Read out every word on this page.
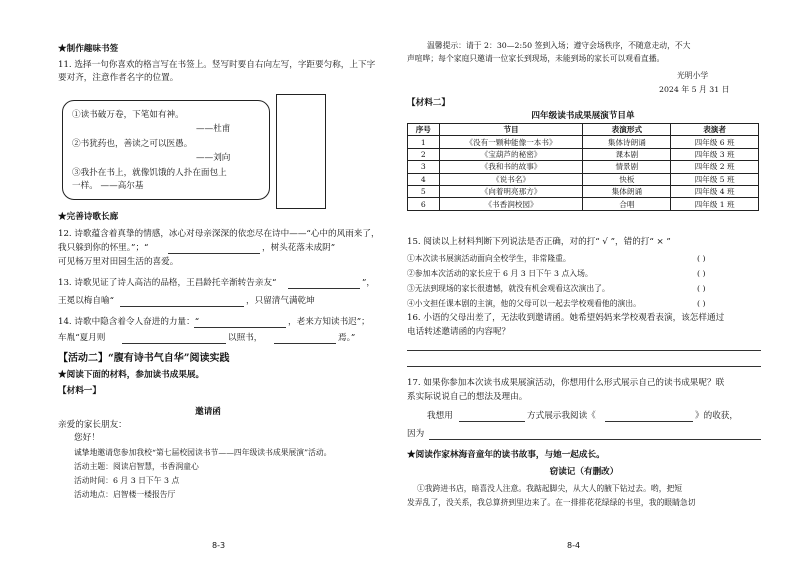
★制作趣味书签
11. 选择一句你喜欢的格言写在书签上。竖写时要自右向左写，字距要匀称，上下字
要对齐，注意作者名字的位置。
①读书破万卷，下笔如有神。
——杜甫
②书犹药也，善读之可以医愚。
——刘向
③我扑在书上，就像饥饿的人扑在面包上
一样。 ——高尔基
★完善诗歌长廊
12. 诗歌蕴含着真挚的情感，冰心对母亲深深的依恋尽在诗中——“心中的风雨来了，
我只躲到你的怀里。”；“	，树头花落未成阴”
可见杨万里对田园生活的喜爱。
13. 诗歌见证了诗人高洁的品格，王昌龄托辛渐转告亲友“	”，
王冕以梅自喻“	，只留清气满乾坤
14. 诗歌中隐含着令人奋进的力量：“	，老来方知读书迟”；
车胤“夏月则	以照书，	焉。”
【活动二】“腹有诗书气自华”阅读实践
★阅读下面的材料，参加读书成果展。
【材料一】
邀请函
亲爱的家长朋友：
您好！
诚挚地邀请您参加我校“第七届校园读书节——四年级读书成果展演”活动。
活动主题：阅读启智慧，书香润童心
活动时间：6 月 3 日下午 3 点
活动地点：启智楼一楼报告厅
8-3
温馨提示：请于 2：30—2:50 签到入场；遵守会场秩序，不随意走动，不大
声喧哗；每个家庭只邀请一位家长到现场，未能到场的家长可以观看直播。
光明小学
2024 年 5 月 31 日
【材料二】
四年级读书成果展演节目单
序号	节目	表演形式	表演者
1	《没有一颗种能像一本书》	集体诗朗诵	四年级 6 班
2	《宝葫芦的秘密》	课本剧	四年级 3 班
3	《我和书的故事》	情景剧	四年级 2 班
4	《说书名》	快板	四年级 5 班
5	《向着明亮那方》	集体朗诵	四年级 4 班
6	《书香润校园》	合唱	四年级 1 班
15. 阅读以上材料判断下列说法是否正确，对的打“ √ ”，错的打“ × ”
①本次读书展演活动面向全校学生，非常隆重。	( )
②参加本次活动的家长应于 6 月 3 日下午 3 点入场。	( )
③无法到现场的家长很遗憾，就没有机会观看这次演出了。	( )
④小文担任课本剧的主演，他的父母可以一起去学校观看他的演出。	( )
16. 小语的父母出差了，无法收到邀请函。她希望妈妈来学校观看表演，该怎样通过
电话转述邀请函的内容呢？
17. 如果你参加本次读书成果展演活动，你想用什么形式展示自己的读书成果呢？联
系实际说说自己的想法及理由。
我想用	方式展示我阅读《	》的收获，
因为
★阅读作家林海音童年的读书故事，与她一起成长。
窃读记（有删改）
①我跨进书店，暗喜没人注意。我踮起脚尖，从大人的腋下钻过去。哟，把短
发弄乱了，没关系，我总算挤到里边来了。在一排排花花绿绿的书里，我的眼睛急切
8-4
